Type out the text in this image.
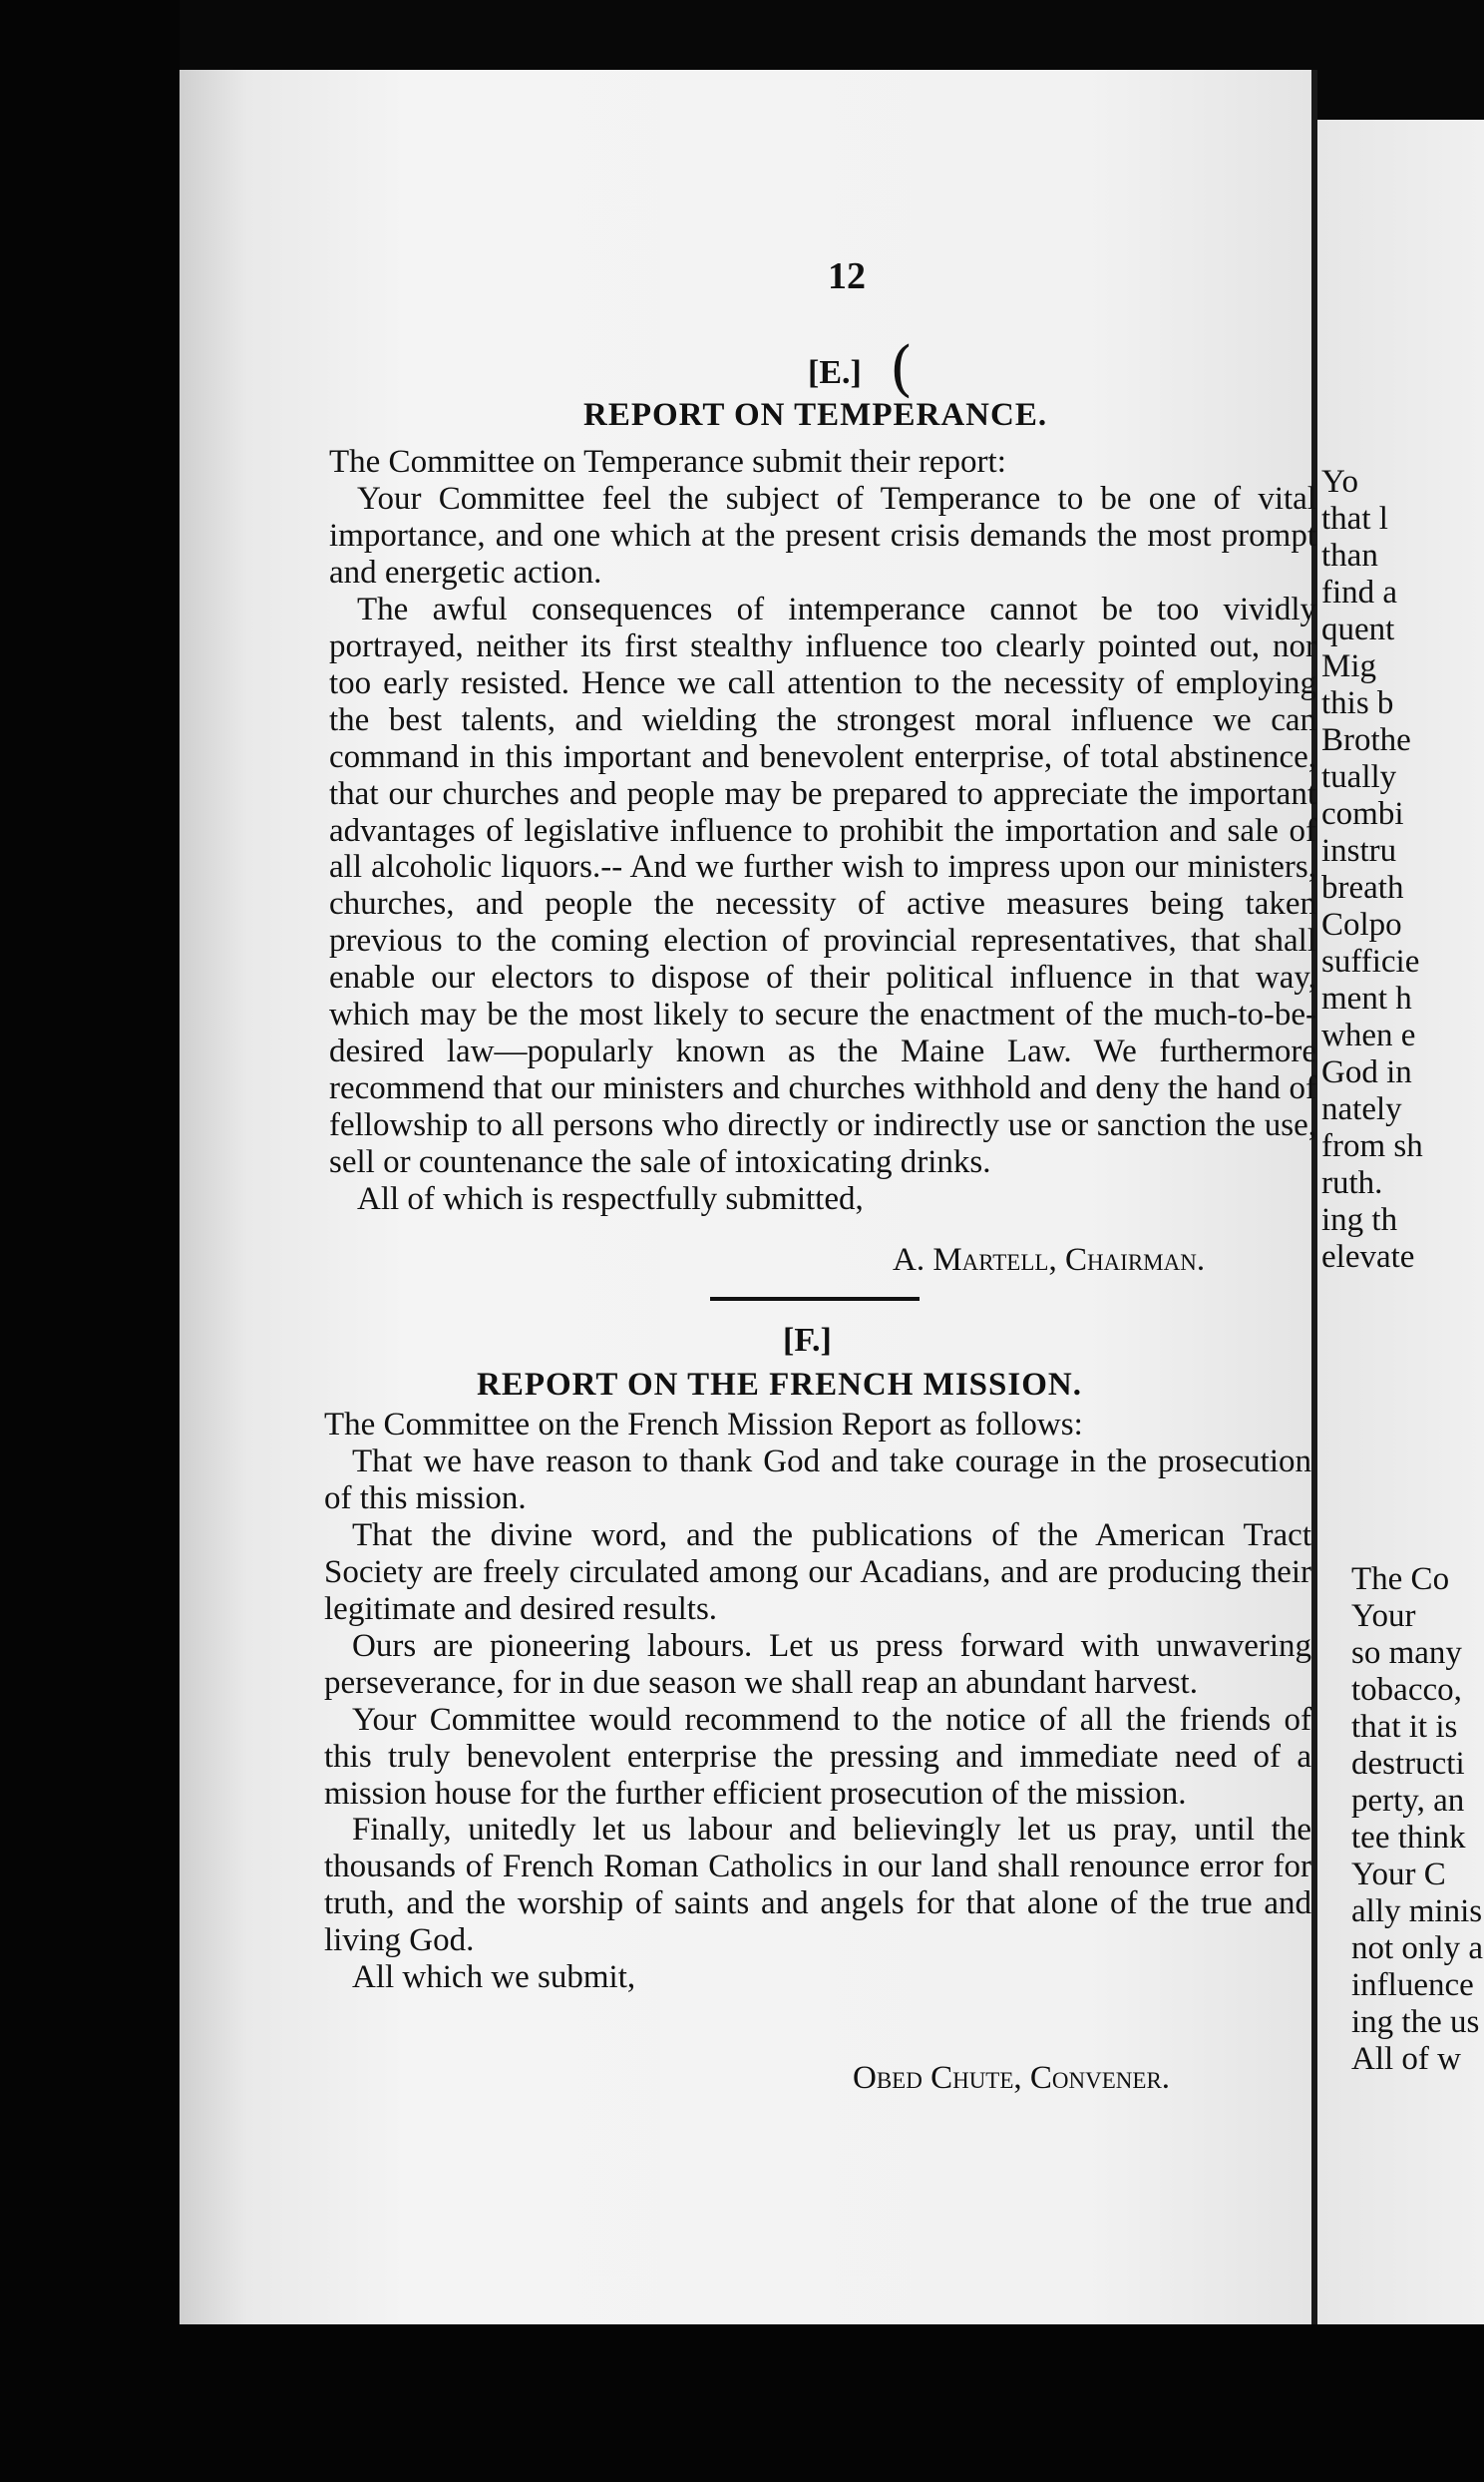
12
[E.] (
REPORT ON TEMPERANCE.

The Committee on Temperance submit their report:

Your Committee feel the subject of Temperance to be one of vital importance, and one which at the present crisis demands the most prompt and energetic action.

The awful consequences of intemperance cannot be too vividly portrayed, neither its first stealthy influence too clearly pointed out, nor too early resisted. Hence we call attention to the necessity of employing the best talents, and wielding the strongest moral influence we can command in this important and benevolent enterprise, of total abstinence, that our churches and people may be prepared to appreciate the important advantages of legislative influence to prohibit the importation and sale of all alcoholic liquors.-- And we further wish to impress upon our ministers, churches, and people the necessity of active measures being taken previous to the coming election of provincial representatives, that shall enable our electors to dispose of their political influence in that way, which may be the most likely to secure the enactment of the much-to-be-desired law—popularly known as the Maine Law. We furthermore recommend that our ministers and churches withhold and deny the hand of fellowship to all persons who directly or indirectly use or sanction the use, sell or countenance the sale of intoxicating drinks.

All of which is respectfully submitted,

A. Martell, Chairman.
[F.]
REPORT ON THE FRENCH MISSION.

The Committee on the French Mission Report as follows:

That we have reason to thank God and take courage in the prosecution of this mission.

That the divine word, and the publications of the American Tract Society are freely circulated among our Acadians, and are producing their legitimate and desired results.

Ours are pioneering labours. Let us press forward with unwavering perseverance, for in due season we shall reap an abundant harvest.

Your Committee would recommend to the notice of all the friends of this truly benevolent enterprise the pressing and immediate need of a mission house for the further efficient prosecution of the mission.

Finally, unitedly let us labour and believingly let us pray, until the thousands of French Roman Catholics in our land shall renounce error for truth, and the worship of saints and angels for that alone of the true and living God.

All which we submit,

Obed Chute, Convener.
Yo
that l
than
find a
quent
Mig
this b
Brothe
tually
combi
instru
breath
Colpo
sufficie
ment h
when e
God in
nately
from sh
ruth.
ing th
elevate
The Co
Your
so many
tobacco,
that it is
destructi
perty, an
tee think
Your C
ally minis
not only a
influence
ing the us
All of w
